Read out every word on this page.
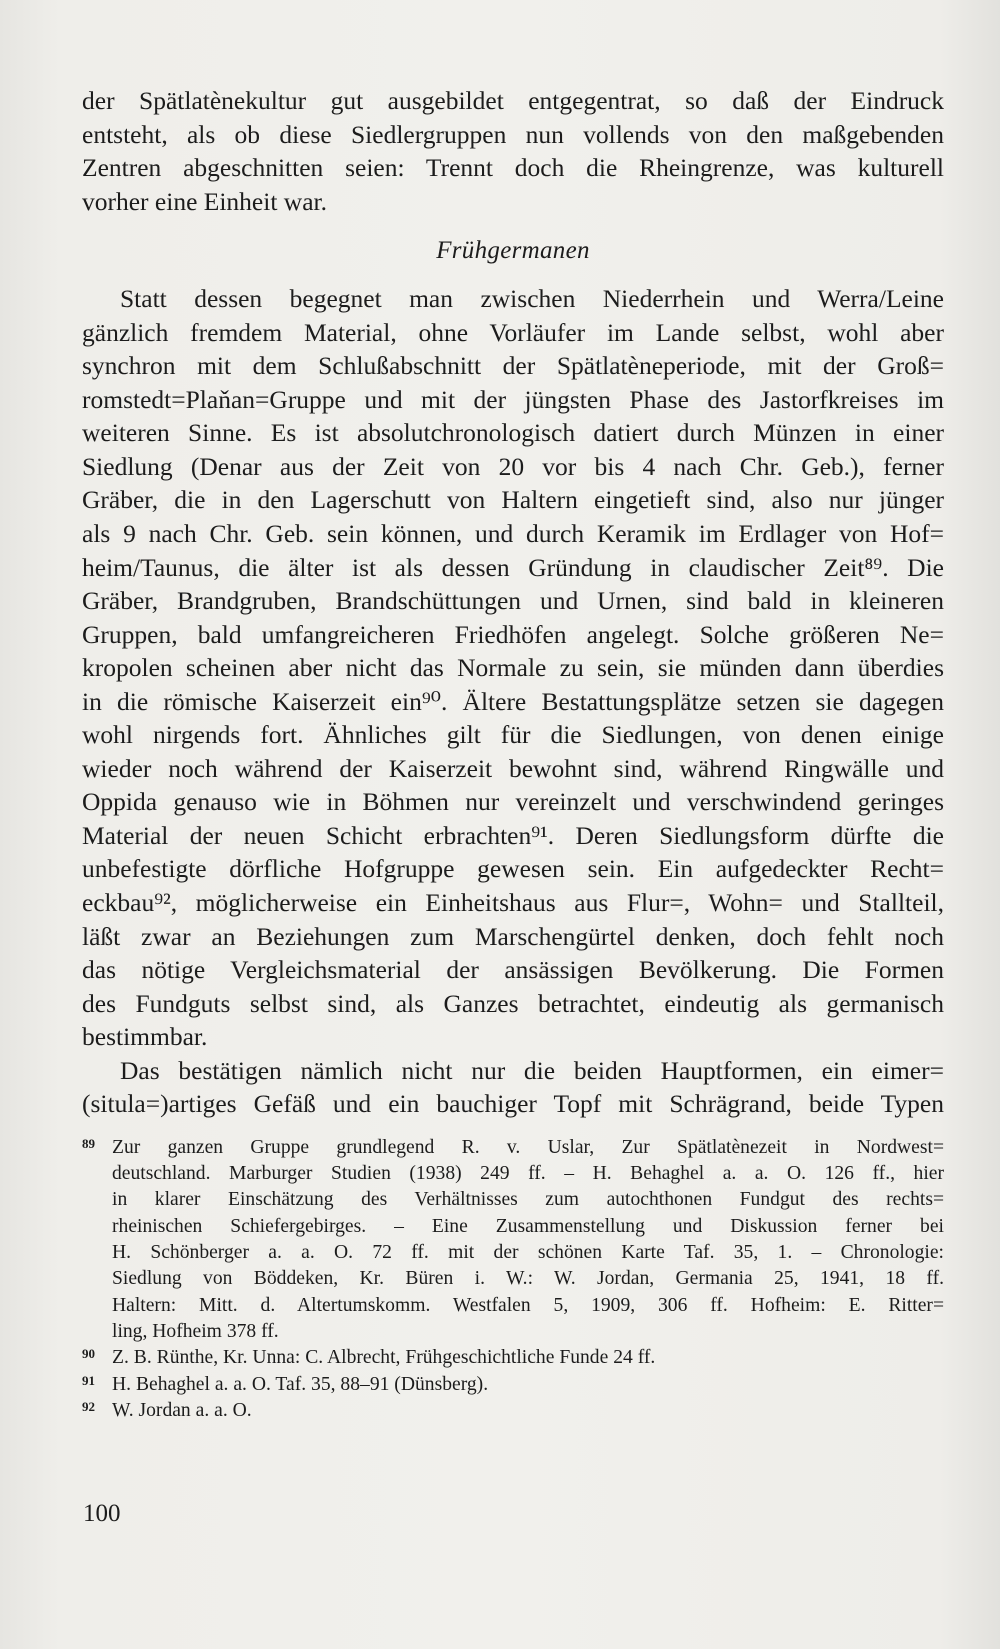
der Spätlatènekultur gut ausgebildet entgegentrat, so daß der Eindruck
entsteht, als ob diese Siedlergruppen nun vollends von den maßgebenden
Zentren abgeschnitten seien: Trennt doch die Rheingrenze, was kulturell
vorher eine Einheit war.
Frühgermanen
Statt dessen begegnet man zwischen Niederrhein und Werra/Leine
gänzlich fremdem Material, ohne Vorläufer im Lande selbst, wohl aber
synchron mit dem Schlußabschnitt der Spätlatèneperiode, mit der Groß=
romstedt=Plaňan=Gruppe und mit der jüngsten Phase des Jastorfkreises im
weiteren Sinne. Es ist absolutchronologisch datiert durch Münzen in einer
Siedlung (Denar aus der Zeit von 20 vor bis 4 nach Chr. Geb.), ferner
Gräber, die in den Lagerschutt von Haltern eingetieft sind, also nur jünger
als 9 nach Chr. Geb. sein können, und durch Keramik im Erdlager von Hof=
heim/Taunus, die älter ist als dessen Gründung in claudischer Zeit⁸⁹. Die
Gräber, Brandgruben, Brandschüttungen und Urnen, sind bald in kleineren
Gruppen, bald umfangreicheren Friedhöfen angelegt. Solche größeren Ne=
kropolen scheinen aber nicht das Normale zu sein, sie münden dann überdies
in die römische Kaiserzeit ein⁹⁰. Ältere Bestattungsplätze setzen sie dagegen
wohl nirgends fort. Ähnliches gilt für die Siedlungen, von denen einige
wieder noch während der Kaiserzeit bewohnt sind, während Ringwälle und
Oppida genauso wie in Böhmen nur vereinzelt und verschwindend geringes
Material der neuen Schicht erbrachten⁹¹. Deren Siedlungsform dürfte die
unbefestigte dörfliche Hofgruppe gewesen sein. Ein aufgedeckter Recht=
eckbau⁹², möglicherweise ein Einheitshaus aus Flur=, Wohn= und Stallteil,
läßt zwar an Beziehungen zum Marschengürtel denken, doch fehlt noch
das nötige Vergleichsmaterial der ansässigen Bevölkerung. Die Formen
des Fundguts selbst sind, als Ganzes betrachtet, eindeutig als germanisch
bestimmbar.
Das bestätigen nämlich nicht nur die beiden Hauptformen, ein eimer=
(situla=)artiges Gefäß und ein bauchiger Topf mit Schrägrand, beide Typen
89 Zur ganzen Gruppe grundlegend R. v. Uslar, Zur Spätlatènezeit in Nordwest=
deutschland. Marburger Studien (1938) 249 ff. – H. Behaghel a. a. O. 126 ff., hier
in klarer Einschätzung des Verhältnisses zum autochthonen Fundgut des rechts=
rheinischen Schiefergebirges. – Eine Zusammenstellung und Diskussion ferner bei
H. Schönberger a. a. O. 72 ff. mit der schönen Karte Taf. 35, 1. – Chronologie:
Siedlung von Böddeken, Kr. Büren i. W.: W. Jordan, Germania 25, 1941, 18 ff.
Haltern: Mitt. d. Altertumskomm. Westfalen 5, 1909, 306 ff. Hofheim: E. Ritter=
ling, Hofheim 378 ff.
90 Z. B. Rünthe, Kr. Unna: C. Albrecht, Frühgeschichtliche Funde 24 ff.
91 H. Behaghel a. a. O. Taf. 35, 88–91 (Dünsberg).
92 W. Jordan a. a. O.
100
